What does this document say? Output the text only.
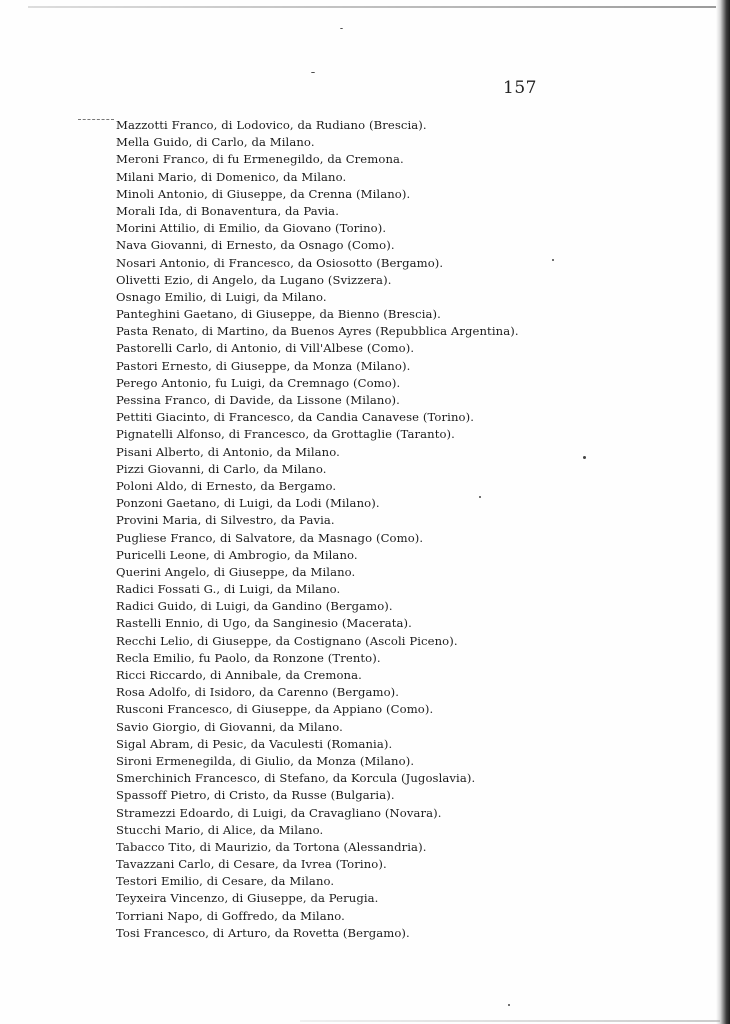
157
Mazzotti Franco, di Lodovico, da Rudiano (Brescia).
Mella Guido, di Carlo, da Milano.
Meroni Franco, di fu Ermenegildo, da Cremona.
Milani Mario, di Domenico, da Milano.
Minoli Antonio, di Giuseppe, da Crenna (Milano).
Morali Ida, di Bonaventura, da Pavia.
Morini Attilio, di Emilio, da Giovano (Torino).
Nava Giovanni, di Ernesto, da Osnago (Como).
Nosari Antonio, di Francesco, da Osiosotto (Bergamo).
Olivetti Ezio, di Angelo, da Lugano (Svizzera).
Osnago Emilio, di Luigi, da Milano.
Panteghini Gaetano, di Giuseppe, da Bienno (Brescia).
Pasta Renato, di Martino, da Buenos Ayres (Repubblica Argentina).
Pastorelli Carlo, di Antonio, di Vill'Albese (Como).
Pastori Ernesto, di Giuseppe, da Monza (Milano).
Perego Antonio, fu Luigi, da Cremnago (Como).
Pessina Franco, di Davide, da Lissone (Milano).
Pettiti Giacinto, di Francesco, da Candia Canavese (Torino).
Pignatelli Alfonso, di Francesco, da Grottaglie (Taranto).
Pisani Alberto, di Antonio, da Milano.
Pizzi Giovanni, di Carlo, da Milano.
Poloni Aldo, di Ernesto, da Bergamo.
Ponzoni Gaetano, di Luigi, da Lodi (Milano).
Provini Maria, di Silvestro, da Pavia.
Pugliese Franco, di Salvatore, da Masnago (Como).
Puricelli Leone, di Ambrogio, da Milano.
Querini Angelo, di Giuseppe, da Milano.
Radici Fossati G., di Luigi, da Milano.
Radici Guido, di Luigi, da Gandino (Bergamo).
Rastelli Ennio, di Ugo, da Sanginesio (Macerata).
Recchi Lelio, di Giuseppe, da Costignano (Ascoli Piceno).
Recla Emilio, fu Paolo, da Ronzone (Trento).
Ricci Riccardo, di Annibale, da Cremona.
Rosa Adolfo, di Isidoro, da Carenno (Bergamo).
Rusconi Francesco, di Giuseppe, da Appiano (Como).
Savio Giorgio, di Giovanni, da Milano.
Sigal Abram, di Pesic, da Vaculesti (Romania).
Sironi Ermenegilda, di Giulio, da Monza (Milano).
Smerchinich Francesco, di Stefano, da Korcula (Jugoslavia).
Spassoff Pietro, di Cristo, da Russe (Bulgaria).
Stramezzi Edoardo, di Luigi, da Cravagliano (Novara).
Stucchi Mario, di Alice, da Milano.
Tabacco Tito, di Maurizio, da Tortona (Alessandria).
Tavazzani Carlo, di Cesare, da Ivrea (Torino).
Testori Emilio, di Cesare, da Milano.
Teyxeira Vincenzo, di Giuseppe, da Perugia.
Torriani Napo, di Goffredo, da Milano.
Tosi Francesco, di Arturo, da Rovetta (Bergamo).
